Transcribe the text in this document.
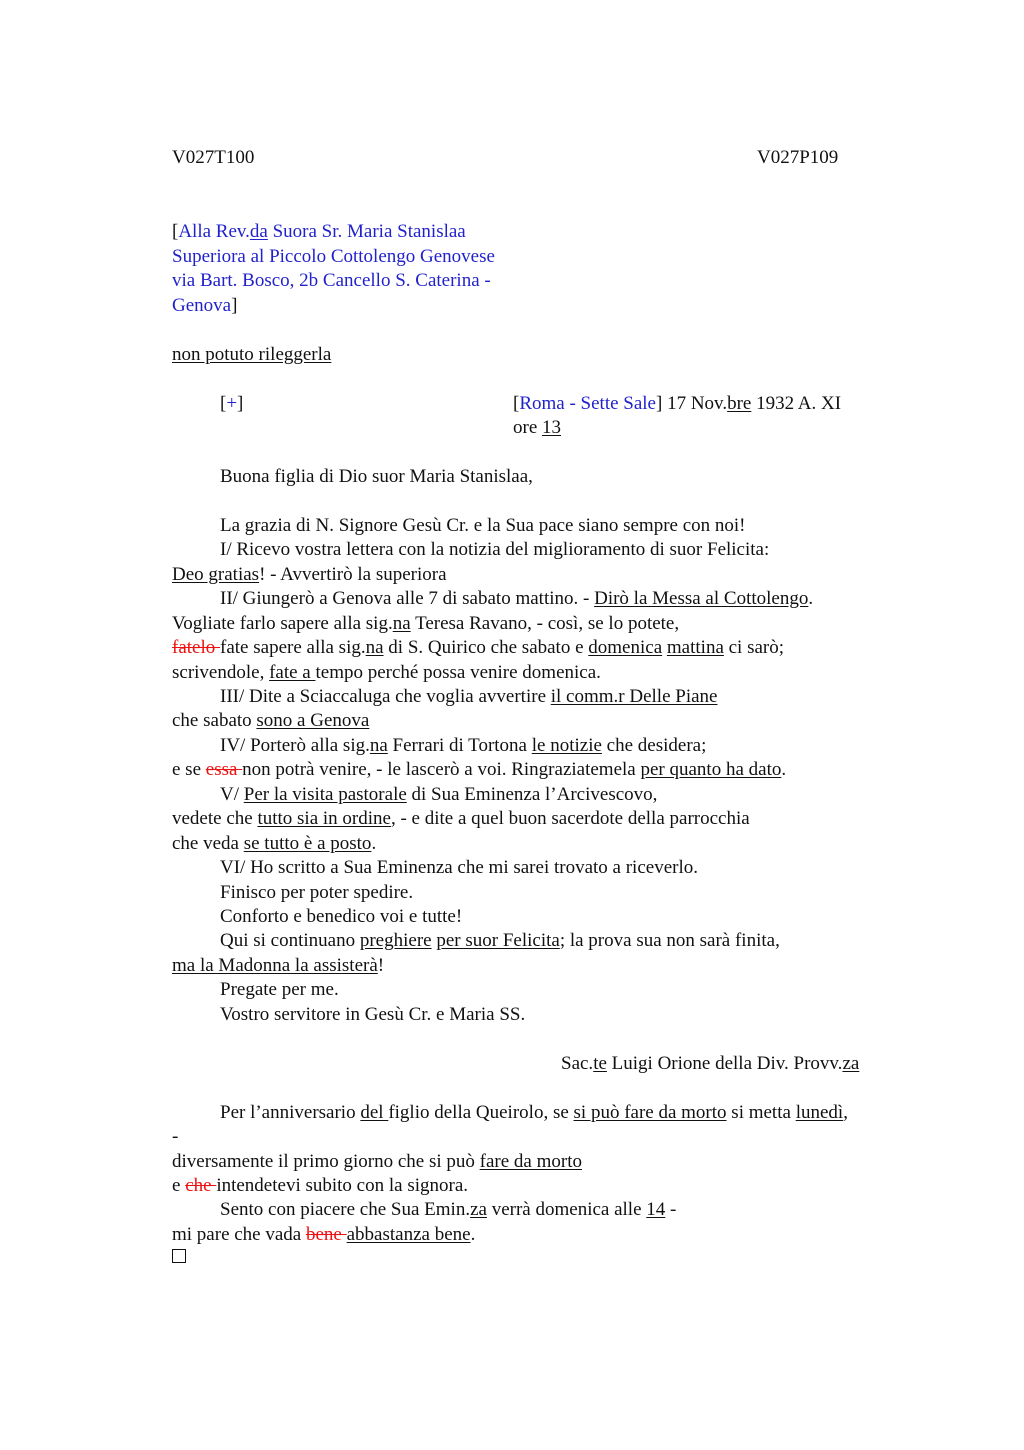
V027T100	V027P109
[Alla Rev.da Suora Sr. Maria Stanislaa
Superiora al Piccolo Cottolengo Genovese
via Bart. Bosco, 2b Cancello S. Caterina -
Genova]
non potuto rileggerla
[+]	[Roma - Sette Sale] 17 Nov.bre 1932 A. XI
ore 13
Buona figlia di Dio suor Maria Stanislaa,
La grazia di N. Signore Gesù Cr. e la Sua pace siano sempre con noi!
I/ Ricevo vostra lettera con la notizia del miglioramento di suor Felicita:
Deo gratias! - Avvertirò la superiora
II/ Giungerò a Genova alle 7 di sabato mattino. - Dirò la Messa al Cottolengo.
Vogliate farlo sapere alla sig.na Teresa Ravano, - così, se lo potete,
fatelo fate sapere alla sig.na di S. Quirico che sabato e domenica mattina ci sarò;
scrivendole, fate a tempo perché possa venire domenica.
III/ Dite a Sciaccaluga che voglia avvertire il comm.r Delle Piane
che sabato sono a Genova
IV/ Porterò alla sig.na Ferrari di Tortona le notizie che desidera;
e se essa non potrà venire, - le lascerò a voi. Ringraziatemela per quanto ha dato.
V/ Per la visita pastorale di Sua Eminenza l’Arcivescovo,
vedete che tutto sia in ordine, - e dite a quel buon sacerdote della parrocchia
che veda se tutto è a posto.
VI/ Ho scritto a Sua Eminenza che mi sarei trovato a riceverlo.
Finisco per poter spedire.
Conforto e benedico voi e tutte!
Qui si continuano preghiere per suor Felicita; la prova sua non sarà finita,
ma la Madonna la assisterà!
Pregate per me.
Vostro servitore in Gesù Cr. e Maria SS.
Sac.te Luigi Orione della Div. Provv.za
Per l’anniversario del figlio della Queirolo, se si può fare da morto si metta lunedì,
-
diversamente il primo giorno che si può fare da morto
e che intendetevi subito con la signora.
Sento con piacere che Sua Emin.za verrà domenica alle 14 -
mi pare che vada bene abbastanza bene.
